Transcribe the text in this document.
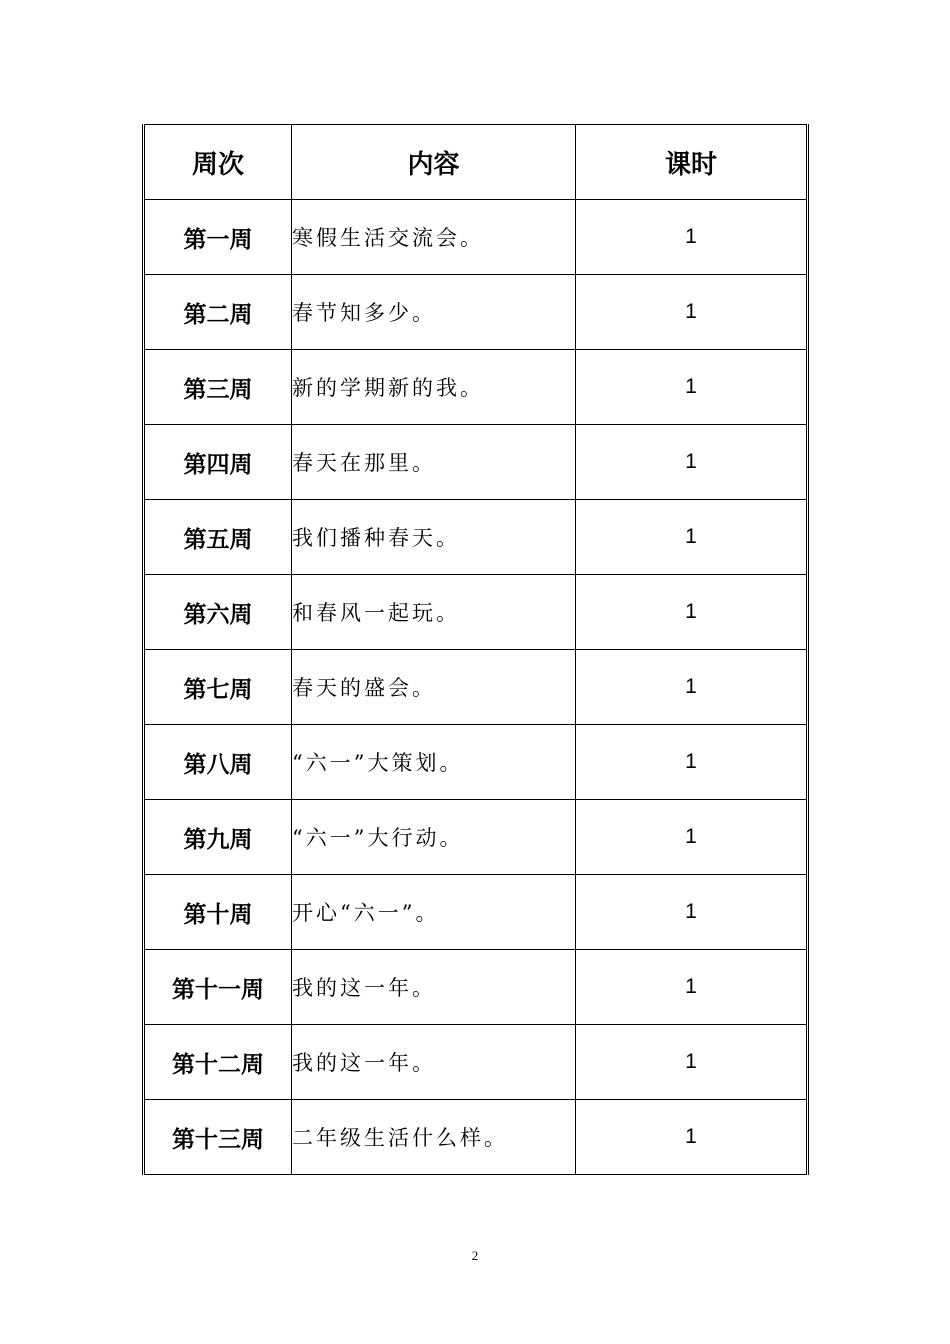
周次	内容	课时
第一周	寒假生活交流会。	1
第二周	春节知多少。	1
第三周	新的学期新的我。	1
第四周	春天在那里。	1
第五周	我们播种春天。	1
第六周	和春风一起玩。	1
第七周	春天的盛会。	1
第八周	“六一”大策划。	1
第九周	“六一”大行动。	1
第十周	开心“六一”。	1
第十一周	我的这一年。	1
第十二周	我的这一年。	1
第十三周	二年级生活什么样。	1
2
